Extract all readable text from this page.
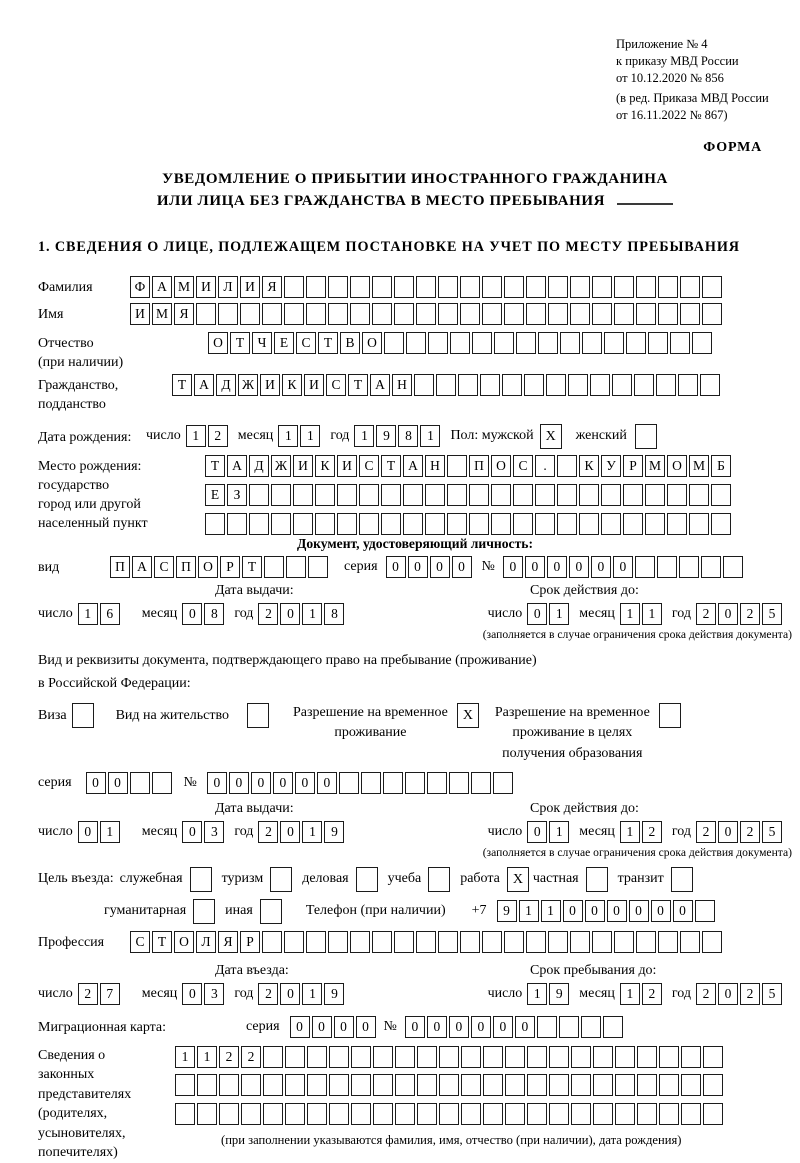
Приложение № 4
к приказу МВД России
от 10.12.2020 № 856
(в ред. Приказа МВД России
от 16.11.2022 № 867)
ФОРМА
УВЕДОМЛЕНИЕ О ПРИБЫТИИ ИНОСТРАННОГО ГРАЖДАНИНА
ИЛИ ЛИЦА БЕЗ ГРАЖДАНСТВА В МЕСТО ПРЕБЫВАНИЯ
1. СВЕДЕНИЯ О ЛИЦЕ, ПОДЛЕЖАЩЕМ ПОСТАНОВКЕ НА УЧЕТ ПО МЕСТУ ПРЕБЫВАНИЯ
Фамилия	Ф А М И Л И Я
Имя	И М Я
Отчество
(при наличии)
О Т Ч Е С Т В О
Гражданство,
подданство
Т А Д Ж И К И С Т А Н
Дата рождения:	число 1	2	месяц 1	1	год 1	9	8	1	Пол: мужской X	женский
Место рождения:
государство
город или другой
населенный пункт
Т А Д Ж И К И С Т А Н	П О С	.	К У Р М О М Б
Е	З
Документ, удостоверяющий личность:
вид	П А С П О Р	Т	серия	0	0	0	0	№	0	0	0	0	0	0
Дата выдачи:	Срок действия до:
число 1	6	месяц 0	8	год 2	0	1	8	число 0	1	месяц 1	1	год 2	0	2	5
(заполняется в случае ограничения срока действия документа)
Вид и реквизиты документа, подтверждающего право на пребывание (проживание)
в Российской Федерации:
Виза	Вид на жительство	Разрешение на временное
проживание
X	Разрешение на временное
проживание в целях
получения образования
серия	0	0	№	0	0	0	0	0	0
Дата выдачи:	Срок действия до:
число 0	1	месяц 0	3	год 2	0	1	9	число 0	1	месяц 1	2	год 2	0	2	5
(заполняется в случае ограничения срока действия документа)
Цель въезда: служебная	туризм	деловая	учеба	работа X частная	транзит
гуманитарная	иная	Телефон (при наличии) +7	9	1	1	0	0	0	0	0	0
Профессия	С Т О Л Я	Р
Дата въезда:	Срок пребывания до:
число 2	7	месяц 0	3	год 2	0	1	9	число 1	9	месяц 1	2	год 2	0	2	5
Миграционная карта:	серия	0	0	0	0	№	0	0	0	0	0	0
Сведения о
законных
представителях
(родителях,
усыновителях,
попечителях)
1	1	2	2
(при заполнении указываются фамилия, имя, отчество (при наличии), дата рождения)
